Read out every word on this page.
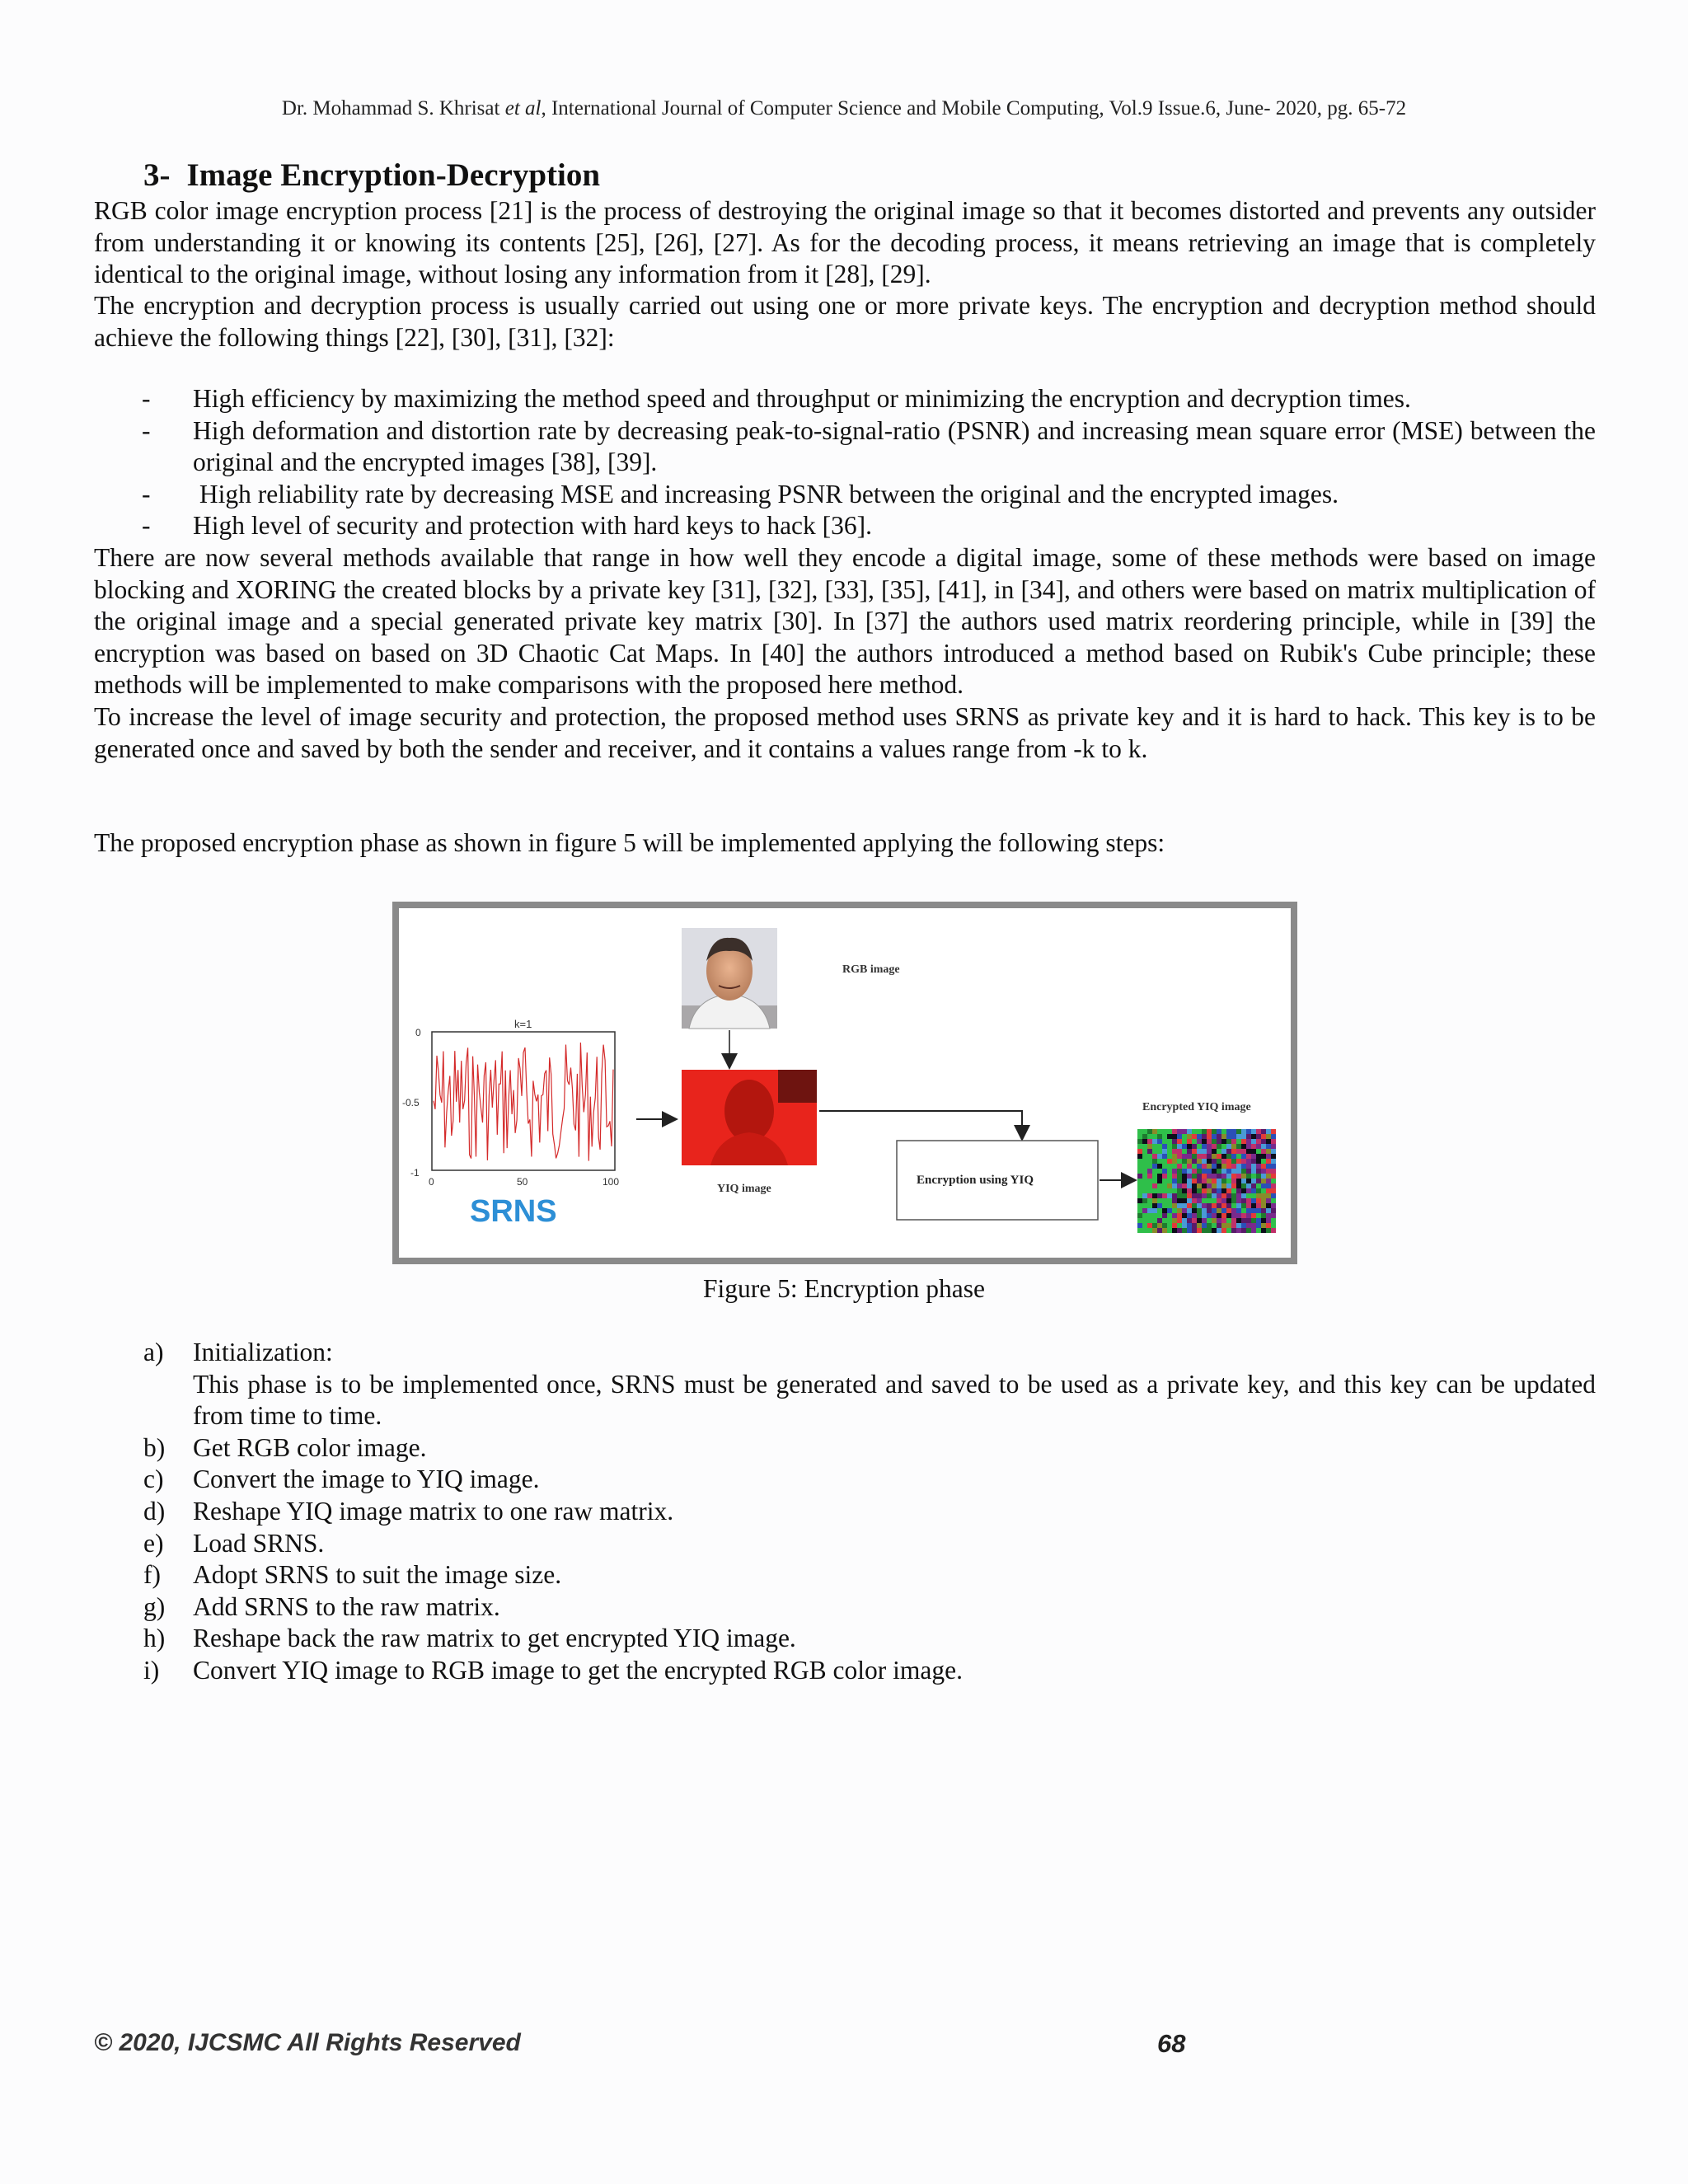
Dr. Mohammad S. Khrisat et al, International Journal of Computer Science and Mobile Computing, Vol.9 Issue.6, June- 2020, pg. 65-72
3- Image Encryption-Decryption

RGB color image encryption process [21] is the process of destroying the original image so that it becomes distorted and prevents any outsider from understanding it or knowing its contents [25], [26], [27]. As for the decoding process, it means retrieving an image that is completely identical to the original image, without losing any information from it [28], [29].

The encryption and decryption process is usually carried out using one or more private keys. The encryption and decryption method should achieve the following things [22], [30], [31], [32]:

- High efficiency by maximizing the method speed and throughput or minimizing the encryption and decryption times.
- High deformation and distortion rate by decreasing peak-to-signal-ratio (PSNR) and increasing mean square error (MSE) between the original and the encrypted images [38], [39].
- High reliability rate by decreasing MSE and increasing PSNR between the original and the encrypted images.
- High level of security and protection with hard keys to hack [36].

There are now several methods available that range in how well they encode a digital image, some of these methods were based on image blocking and XORING the created blocks by a private key [31], [32], [33], [35], [41], in [34], and others were based on matrix multiplication of the original image and a special generated private key matrix [30]. In [37] the authors used matrix reordering principle, while in [39] the encryption was based on based on 3D Chaotic Cat Maps. In [40] the authors introduced a method based on Rubik's Cube principle; these methods will be implemented to make comparisons with the proposed here method.

To increase the level of image security and protection, the proposed method uses SRNS as private key and it is hard to hack. This key is to be generated once and saved by both the sender and receiver, and it contains a values range from -k to k.

The proposed encryption phase as shown in figure 5 will be implemented applying the following steps:

k=1
0
-0.5
-1
0	50	100
SRNS
RGB image
YIQ image
Encryption using YIQ
Encrypted YIQ image
Figure 5: Encryption phase
a) Initialization:
This phase is to be implemented once, SRNS must be generated and saved to be used as a private key, and this key can be updated from time to time.
b) Get RGB color image.
c) Convert the image to YIQ image.
d) Reshape YIQ image matrix to one raw matrix.
e) Load SRNS.
f) Adopt SRNS to suit the image size.
g) Add SRNS to the raw matrix.
h) Reshape back the raw matrix to get encrypted YIQ image.
i) Convert YIQ image to RGB image to get the encrypted RGB color image.
© 2020, IJCSMC All Rights Reserved	68
